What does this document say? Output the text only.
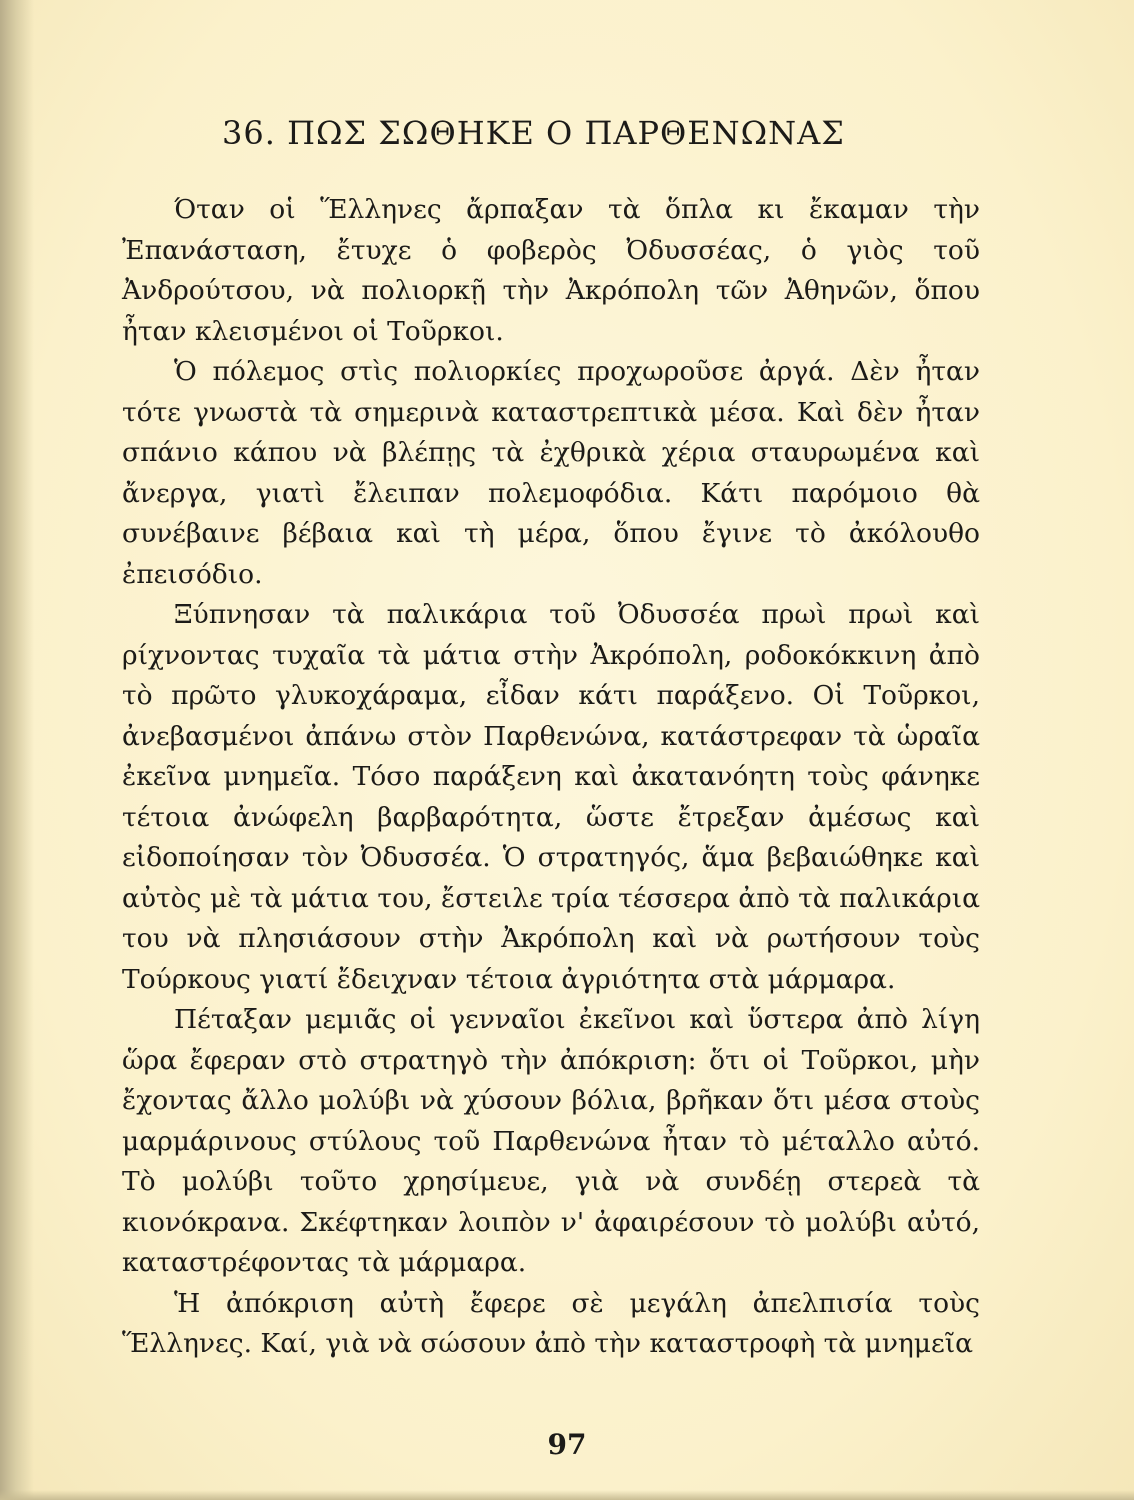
36. ΠΩΣ ΣΩΘΗΚΕ Ο ΠΑΡΘΕΝΩΝΑΣ

Όταν οἱ Ἕλληνες ἄρπαξαν τὰ ὅπλα κι ἔκαμαν τὴν Ἐπανάσταση, ἔτυχε ὁ φοβερὸς Ὀδυσσέας, ὁ γιὸς τοῦ Ἀνδρούτσου, νὰ πολιορκῇ τὴν Ἀκρόπολη τῶν Ἀθηνῶν, ὅπου ἦταν κλεισμένοι οἱ Τοῦρκοι.

Ὁ πόλεμος στὶς πολιορκίες προχωροῦσε ἀργά. Δὲν ἦταν τότε γνωστὰ τὰ σημερινὰ καταστρεπτικὰ μέσα. Καὶ δὲν ἦταν σπάνιο κάπου νὰ βλέπῃς τὰ ἐχθρικὰ χέρια σταυρωμένα καὶ ἄνεργα, γιατὶ ἔλειπαν πολεμοφόδια. Κάτι παρόμοιο θὰ συνέβαινε βέβαια καὶ τὴ μέρα, ὅπου ἔγινε τὸ ἀκόλουθο ἐπεισόδιο.

Ξύπνησαν τὰ παλικάρια τοῦ Ὀδυσσέα πρωὶ πρωὶ καὶ ρίχνοντας τυχαῖα τὰ μάτια στὴν Ἀκρόπολη, ροδοκόκκινη ἀπὸ τὸ πρῶτο γλυκοχάραμα, εἶδαν κάτι παράξενο. Οἱ Τοῦρκοι, ἀνεβασμένοι ἀπάνω στὸν Παρθενώνα, κατάστρεφαν τὰ ὡραῖα ἐκεῖνα μνημεῖα. Τόσο παράξενη καὶ ἀκατανόητη τοὺς φάνηκε τέτοια ἀνώφελη βαρβαρότητα, ὥστε ἔτρεξαν ἀμέσως καὶ εἰδοποίησαν τὸν Ὀδυσσέα. Ὁ στρατηγός, ἅμα βεβαιώθηκε καὶ αὐτὸς μὲ τὰ μάτια του, ἔστειλε τρία τέσσερα ἀπὸ τὰ παλικάρια του νὰ πλησιάσουν στὴν Ἀκρόπολη καὶ νὰ ρωτήσουν τοὺς Τούρκους γιατί ἔδειχναν τέτοια ἀγριότητα στὰ μάρμαρα.

Πέταξαν μεμιᾶς οἱ γενναῖοι ἐκεῖνοι καὶ ὕστερα ἀπὸ λίγη ὥρα ἔφεραν στὸ στρατηγὸ τὴν ἀπόκριση: ὅτι οἱ Τοῦρκοι, μὴν ἔχοντας ἄλλο μολύβι νὰ χύσουν βόλια, βρῆκαν ὅτι μέσα στοὺς μαρμάρινους στύλους τοῦ Παρθενώνα ἦταν τὸ μέταλλο αὐτό. Τὸ μολύβι τοῦτο χρησίμευε, γιὰ νὰ συνδέῃ στερεὰ τὰ κιονόκρανα. Σκέφτηκαν λοιπὸν ν' ἀφαιρέσουν τὸ μολύβι αὐτό, καταστρέφοντας τὰ μάρμαρα.

Ἡ ἀπόκριση αὐτὴ ἔφερε σὲ μεγάλη ἀπελπισία τοὺς Ἕλληνες. Καί, γιὰ νὰ σώσουν ἀπὸ τὴν καταστροφὴ τὰ μνημεῖα

97
